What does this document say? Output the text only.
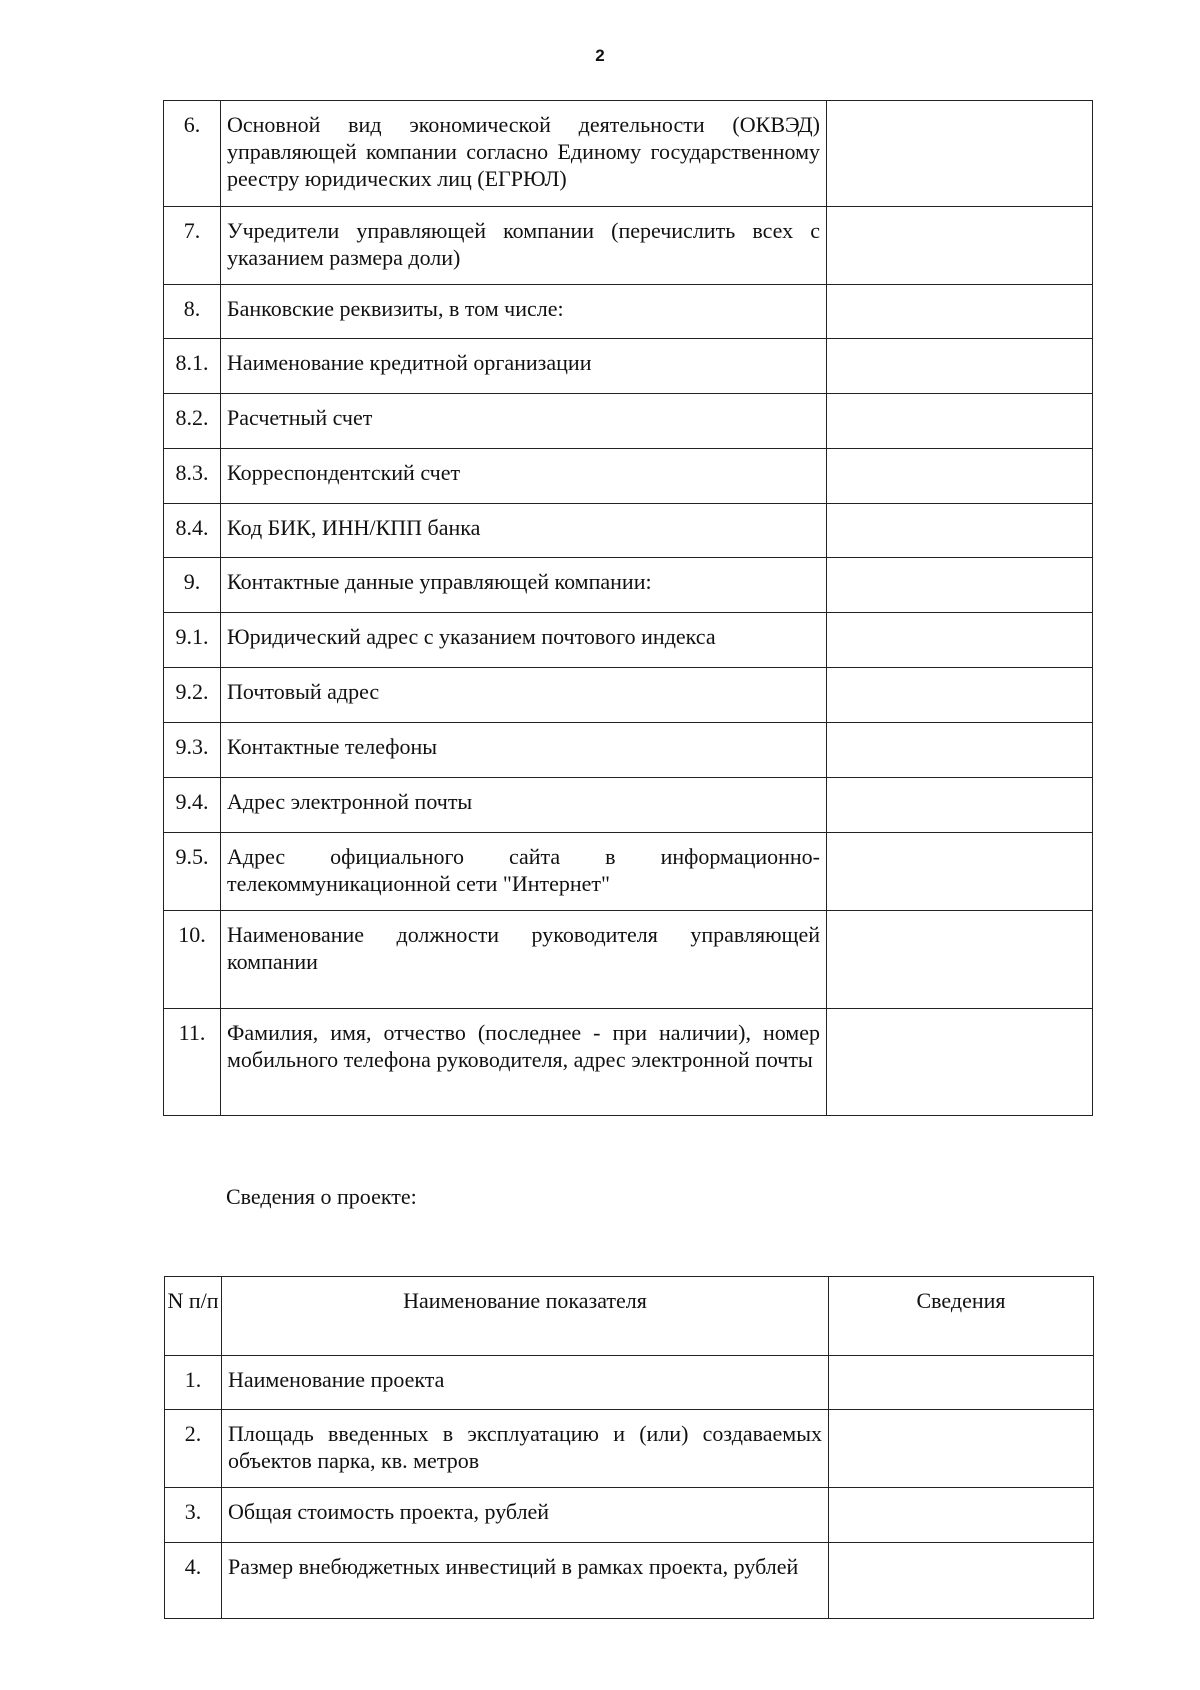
2
6.	Основной вид экономической деятельности (ОКВЭД) управляющей компании согласно Единому государственному реестру юридических лиц (ЕГРЮЛ)	
7.	Учредители управляющей компании (перечислить всех с указанием размера доли)	
8.	Банковские реквизиты, в том числе:	
8.1.	Наименование кредитной организации	
8.2.	Расчетный счет	
8.3.	Корреспондентский счет	
8.4.	Код БИК, ИНН/КПП банка	
9.	Контактные данные управляющей компании:	
9.1.	Юридический адрес с указанием почтового индекса	
9.2.	Почтовый адрес	
9.3.	Контактные телефоны	
9.4.	Адрес электронной почты	
9.5.	Адрес официального сайта в информационно-телекоммуникационной сети "Интернет"	
10.	Наименование должности руководителя управляющей компании	
11.	Фамилия, имя, отчество (последнее - при наличии), номер мобильного телефона руководителя, адрес электронной почты	
Сведения о проекте:
N п/п	Наименование показателя	Сведения
1.	Наименование проекта	
2.	Площадь введенных в эксплуатацию и (или) создаваемых объектов парка, кв. метров	
3.	Общая стоимость проекта, рублей	
4.	Размер внебюджетных инвестиций в рамках проекта, рублей	
